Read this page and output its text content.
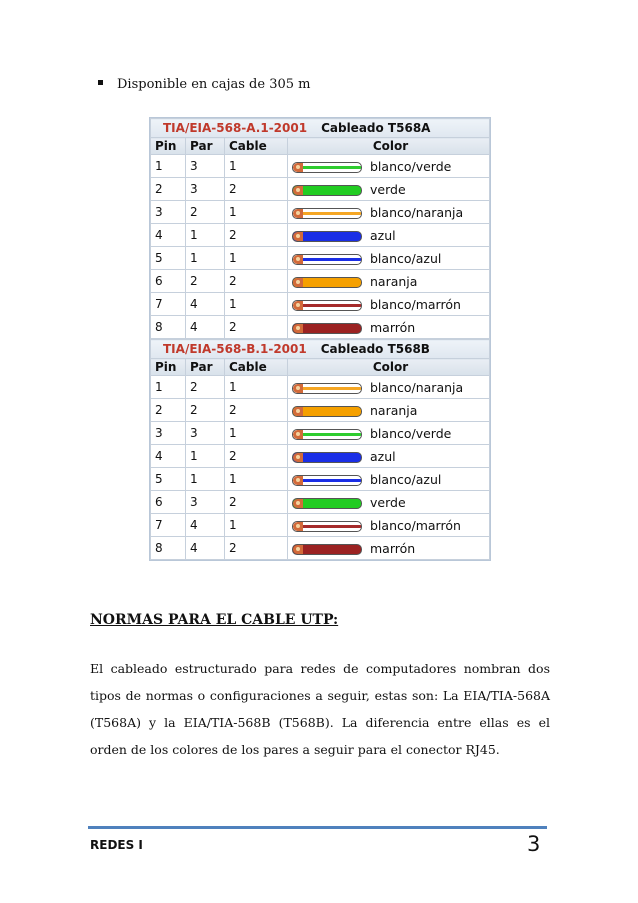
Disponible en cajas de 305 m
TIA/EIA-568-A.1-2001 Cableado T568A			
Pin	Par	Cable	Color
1	3	1	blanco/verde

2	3	2	verde

3	2	1	blanco/naranja

4	1	2	azul

5	1	1	blanco/azul

6	2	2	naranja

7	4	1	blanco/marrón

8	4	2	marrón
TIA/EIA-568-B.1-2001 Cableado T568B			
Pin	Par	Cable	Color
1	2	1	blanco/naranja

2	2	2	naranja

3	3	1	blanco/verde

4	1	2	azul

5	1	1	blanco/azul

6	3	2	verde

7	4	1	blanco/marrón

8	4	2	marrón
NORMAS PARA EL CABLE UTP:
El cableado estructurado para redes de computadores nombran dos tipos de normas o configuraciones a seguir, estas son: La EIA/TIA-568A (T568A) y la EIA/TIA-568B (T568B). La diferencia entre ellas es el orden de los colores de los pares a seguir para el conector RJ45.
REDES I	3
